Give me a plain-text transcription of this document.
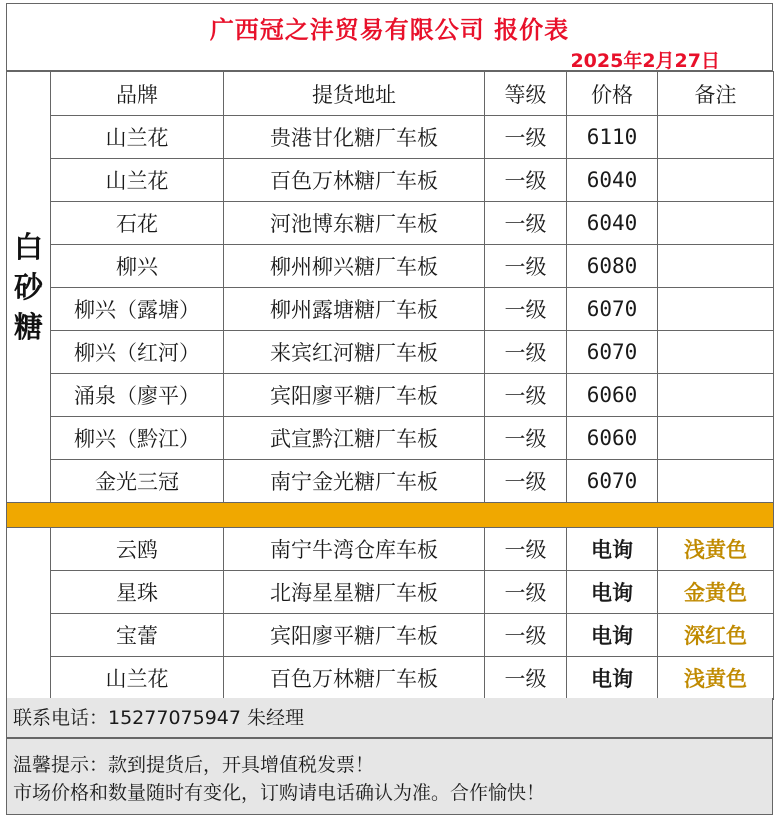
广西冠之沣贸易有限公司 报价表
2025年2月27日
白
砂
糖	品牌	提货地址	等级	价格	备注
	山兰花	贵港甘化糖厂车板	一级	6110	
	山兰花	百色万林糖厂车板	一级	6040	
	石花	河池博东糖厂车板	一级	6040	
	柳兴	柳州柳兴糖厂车板	一级	6080	
	柳兴（露塘）	柳州露塘糖厂车板	一级	6070	
	柳兴（红河）	来宾红河糖厂车板	一级	6070	
	涌泉（廖平）	宾阳廖平糖厂车板	一级	6060	
	柳兴（黔江）	武宣黔江糖厂车板	一级	6060	
	金光三冠	南宁金光糖厂车板	一级	6070	

	云鸥	南宁牛湾仓库车板	一级	电询	浅黄色
	星珠	北海星星糖厂车板	一级	电询	金黄色
	宝蕾	宾阳廖平糖厂车板	一级	电询	深红色
	山兰花	百色万林糖厂车板	一级	电询	浅黄色
联系电话：15277075947 朱经理
温馨提示：款到提货后，开具增值税发票！
市场价格和数量随时有变化，订购请电话确认为准。合作愉快！
